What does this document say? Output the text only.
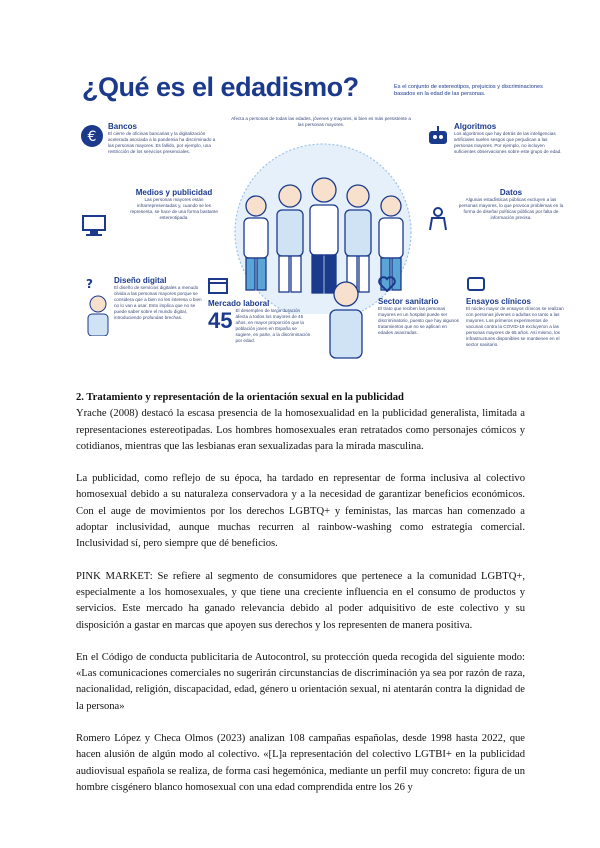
¿Qué es el edadismo?	Es el conjunto de estereotipos, prejuicios y discriminaciones basados en la edad de las personas.
Afecta a personas de todas las edades, jóvenes y mayores, si bien es más persistente a las personas mayores.
€
Bancos
El cierre de oficinas bancarias y la digitalización acelerada asociada a la pandemia ha discriminado a las personas mayores. Es fallido, por ejemplo, una restricción de los servicios presenciales.
Medios y publicidad
Las personas mayores están infrarrepresentadas y, cuando se les representa, se hace de una forma bastante estereotipada.
Algoritmos
Los algoritmos que hay detrás de las inteligencias artificiales suelen sesgos que perjudican a las personas mayores. Por ejemplo, no incluyen suficientes observaciones sobre este grupo de edad.
Datos
Algunas estadísticas públicas excluyen a las personas mayores, lo que provoca problemas en la forma de diseñar políticas públicas por falta de información precisa.
?	Diseño digital
El diseño de servicios digitales a menudo olvida a las personas mayores porque se considera que a bien no les interesa o bien no lo van a usar. Esto implica que no se puede saber sobre el mundo digital, introduciendo profundas brechas.
Mercado laboral
45 El desempleo de larga duración afecta a todos los mayores de 45 años, en mayor proporción que la población joven en España se sugiere, en parte, a la discriminación por edad.
Sector sanitario
El trato que reciben las personas mayores en un hospital puede ser discriminatorio, puesto que hay algunos tratamientos que no se aplican en edades avanzadas.
Ensayos clínicos
El núcleo mayor de ensayos clínicos se realizan con personas jóvenes o adultas no tanto a las mayores. Los primeros experimentos de vacunas contra la COVID-19 excluyeron a las personas mayores de 65 años. Así mismo, los infrastructures disponibles se mantienen en el sector sanitario.

2. Tratamiento y representación de la orientación sexual en la publicidad

Yrache (2008) destacó la escasa presencia de la homosexualidad en la publicidad generalista, limitada a representaciones estereotipadas. Los hombres homosexuales eran retratados como personajes cómicos y cotidianos, mientras que las lesbianas eran sexualizadas para la mirada masculina.

La publicidad, como reflejo de su época, ha tardado en representar de forma inclusiva al colectivo homosexual debido a su naturaleza conservadora y a la necesidad de garantizar beneficios económicos. Con el auge de movimientos por los derechos LGBTQ+ y feministas, las marcas han comenzado a adoptar inclusividad, aunque muchas recurren al rainbow-washing como estrategia comercial. Inclusividad sí, pero siempre que dé beneficios.

PINK MARKET: Se refiere al segmento de consumidores que pertenece a la comunidad LGBTQ+, especialmente a los homosexuales, y que tiene una creciente influencia en el consumo de productos y servicios. Este mercado ha ganado relevancia debido al poder adquisitivo de este colectivo y su disposición a gastar en marcas que apoyen sus derechos y los representen de manera positiva.

En el Código de conducta publicitaria de Autocontrol, su protección queda recogida del siguiente modo: «Las comunicaciones comerciales no sugerirán circunstancias de discriminación ya sea por razón de raza, nacionalidad, religión, discapacidad, edad, género u orientación sexual, ni atentarán contra la dignidad de la persona»

Romero López y Checa Olmos (2023) analizan 108 campañas españolas, desde 1998 hasta 2022, que hacen alusión de algún modo al colectivo. «[L]a representación del colectivo LGTBI+ en la publicidad audiovisual española se realiza, de forma casi hegemónica, mediante un perfil muy concreto: figura de un hombre cisgénero blanco homosexual con una edad comprendida entre los 26 y
